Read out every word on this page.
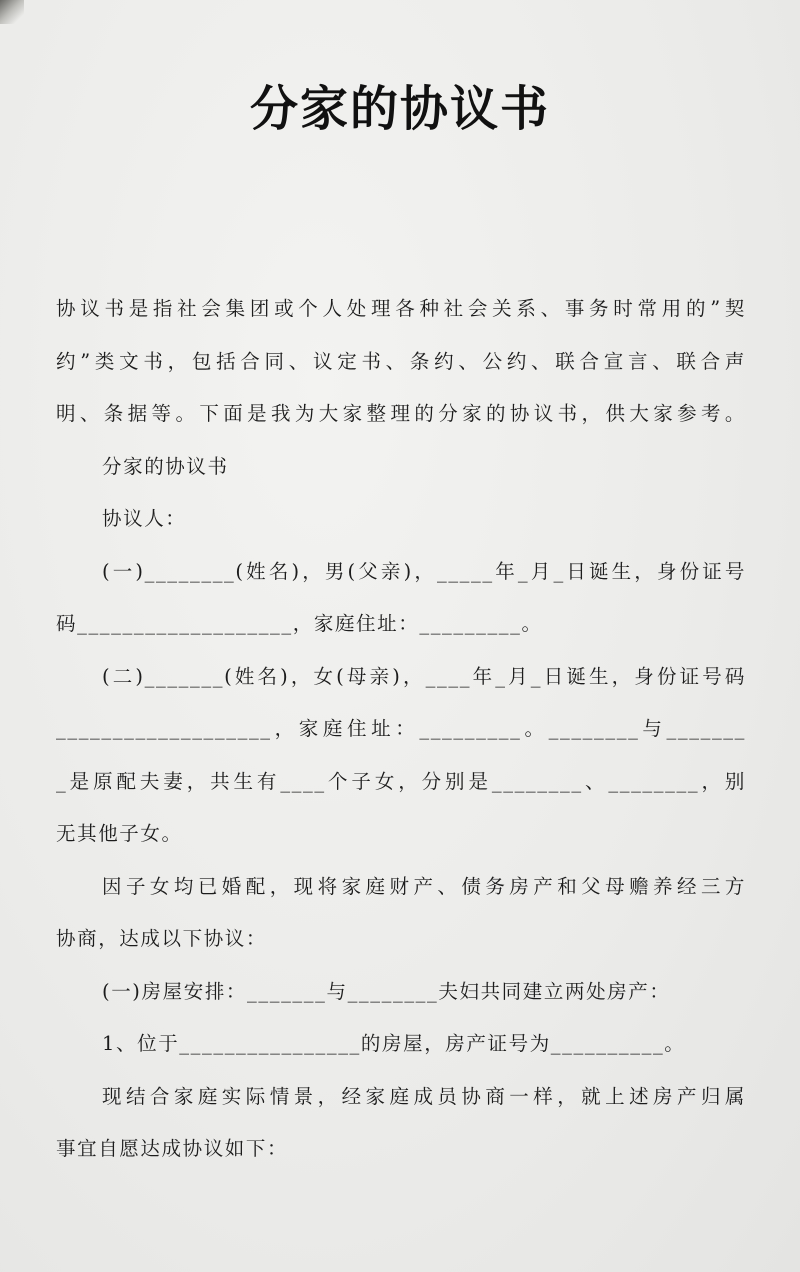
分家的协议书
协议书是指社会集团或个人处理各种社会关系、事务时常用的”契
约”类文书，包括合同、议定书、条约、公约、联合宣言、联合声
明、条据等。下面是我为大家整理的分家的协议书，供大家参考。
分家的协议书
协议人：
(一)________(姓名)，男(父亲)，_____年_月_日诞生，身份证号
码___________________，家庭住址：_________。
(二)_______(姓名)，女(母亲)，____年_月_日诞生，身份证号码
___________________，家庭住址：_________。________与_______
_是原配夫妻，共生有____个子女，分别是________、________，别
无其他子女。
因子女均已婚配，现将家庭财产、债务房产和父母赡养经三方
协商，达成以下协议：
(一)房屋安排：_______与________夫妇共同建立两处房产：
1、位于________________的房屋，房产证号为__________。
现结合家庭实际情景，经家庭成员协商一样，就上述房产归属
事宜自愿达成协议如下：
